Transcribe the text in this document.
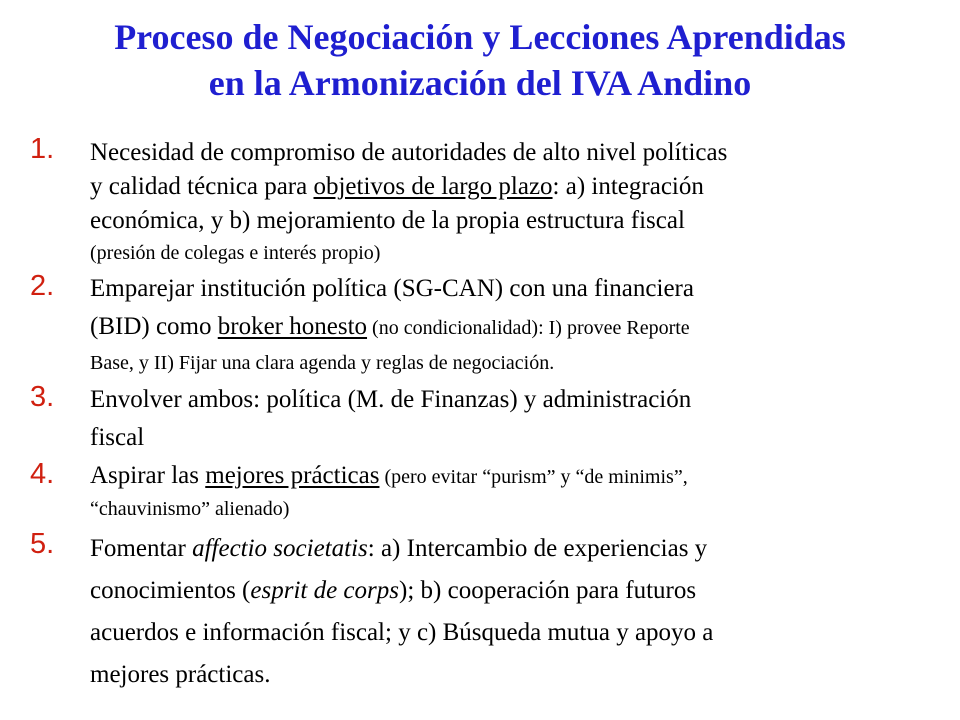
Proceso de Negociación y Lecciones Aprendidas
en la Armonización del IVA Andino
1. Necesidad de compromiso de autoridades de alto nivel políticas
y calidad técnica para objetivos de largo plazo: a) integración
económica, y b) mejoramiento de la propia estructura fiscal
(presión de colegas e interés propio)
2. Emparejar institución política (SG-CAN) con una financiera
(BID) como broker honesto (no condicionalidad): I) provee Reporte
Base, y II) Fijar una clara agenda y reglas de negociación.
3. Envolver ambos: política (M. de Finanzas) y administración
fiscal
4. Aspirar las mejores prácticas (pero evitar “purism” y “de minimis”,
“chauvinismo” alienado)
5. Fomentar affectio societatis: a) Intercambio de experiencias y
conocimientos (esprit de corps); b) cooperación para futuros
acuerdos e información fiscal; y c) Búsqueda mutua y apoyo a
mejores prácticas.
